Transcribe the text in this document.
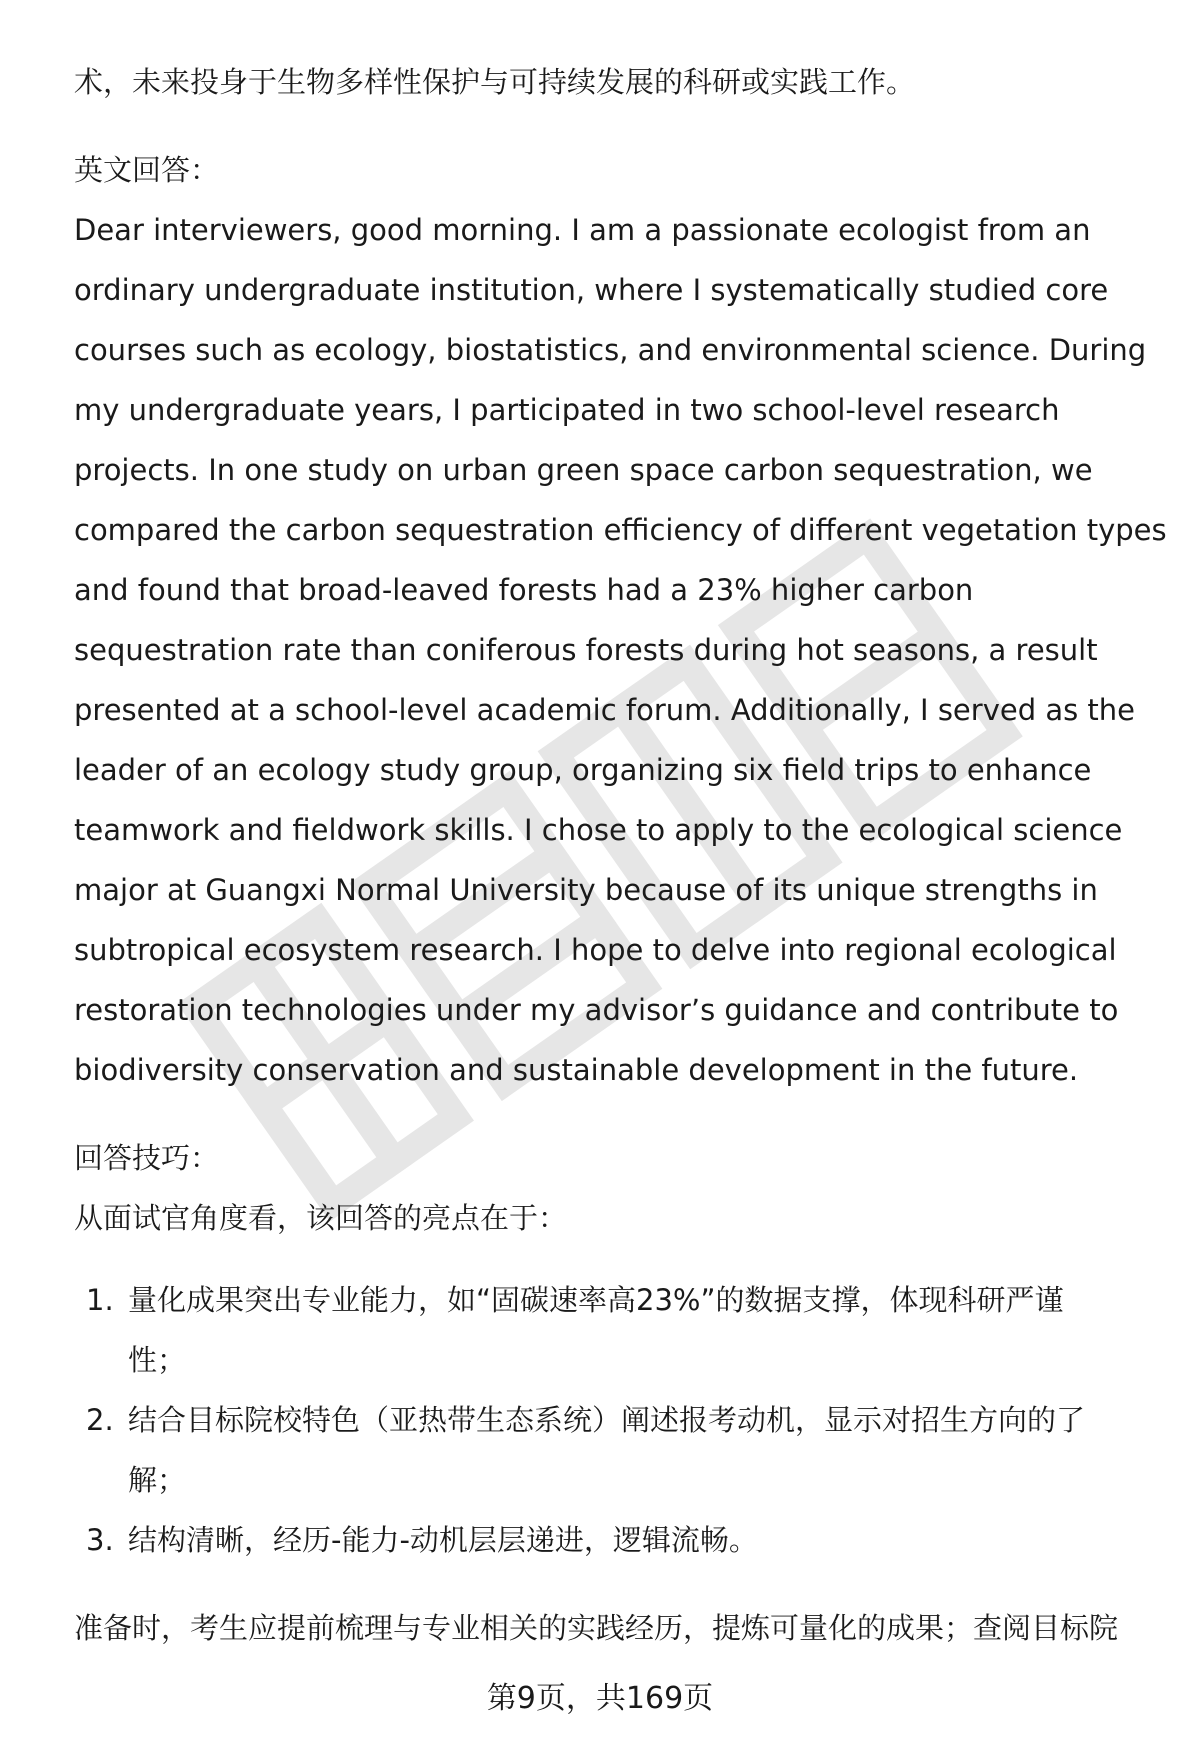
术，未来投身于生物多样性保护与可持续发展的科研或实践工作。
英文回答：
Dear interviewers, good morning. I am a passionate ecologist from an
ordinary undergraduate institution, where I systematically studied core
courses such as ecology, biostatistics, and environmental science. During
my undergraduate years, I participated in two school-level research
projects. In one study on urban green space carbon sequestration, we
compared the carbon sequestration efficiency of different vegetation types
and found that broad-leaved forests had a 23% higher carbon
sequestration rate than coniferous forests during hot seasons, a result
presented at a school-level academic forum. Additionally, I served as the
leader of an ecology study group, organizing six field trips to enhance
teamwork and fieldwork skills. I chose to apply to the ecological science
major at Guangxi Normal University because of its unique strengths in
subtropical ecosystem research. I hope to delve into regional ecological
restoration technologies under my advisor’s guidance and contribute to
biodiversity conservation and sustainable development in the future.
回答技巧：
从面试官角度看，该回答的亮点在于：
1. 量化成果突出专业能力，如“固碳速率高23%”的数据支撑，体现科研严谨
性；
2. 结合目标院校特色（亚热带生态系统）阐述报考动机，显示对招生方向的了
解；
3. 结构清晰，经历-能力-动机层层递进，逻辑流畅。
准备时，考生应提前梳理与专业相关的实践经历，提炼可量化的成果；查阅目标院
第9页，共169页
